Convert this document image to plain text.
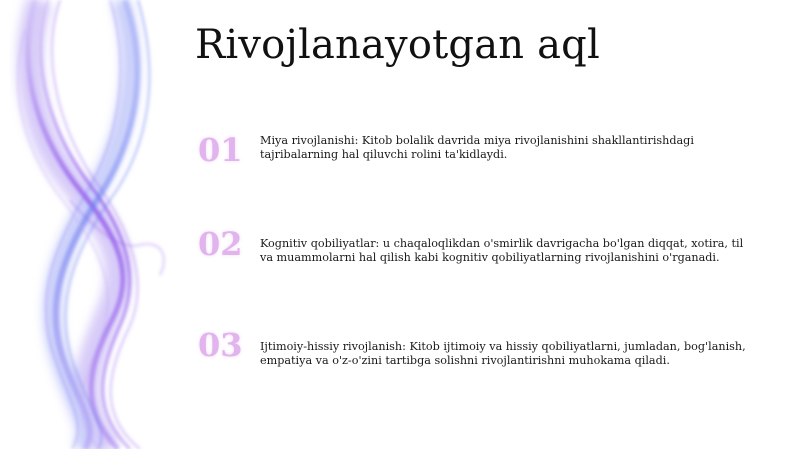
Rivojlanayotgan aql
01	Miya rivojlanishi: Kitob bolalik davrida miya rivojlanishini shakllantirishdagi tajribalarning hal qiluvchi rolini ta'kidlaydi.

02	Kognitiv qobiliyatlar: u chaqaloqlikdan o'smirlik davrigacha bo'lgan diqqat, xotira, til va muammolarni hal qilish kabi kognitiv qobiliyatlarning rivojlanishini o'rganadi.

03	Ijtimoiy-hissiy rivojlanish: Kitob ijtimoiy va hissiy qobiliyatlarni, jumladan, bog'lanish, empatiya va o'z-o'zini tartibga solishni rivojlantirishni muhokama qiladi.
